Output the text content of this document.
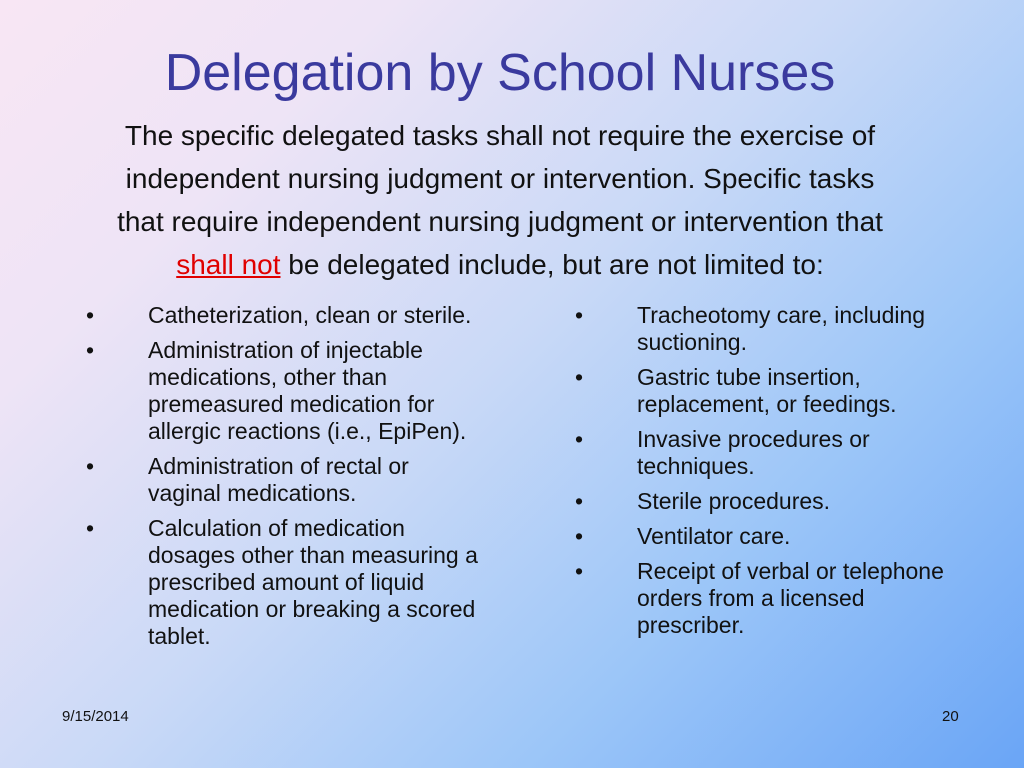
Delegation by School Nurses
The specific delegated tasks shall not require the exercise of
independent nursing judgment or intervention. Specific tasks
that require independent nursing judgment or intervention that
shall not be delegated include, but are not limited to:
• Catheterization, clean or sterile.
• Administration of injectable medications, other than premeasured medication for allergic reactions (i.e., EpiPen).
• Administration of rectal or vaginal medications.
• Calculation of medication dosages other than measuring a prescribed amount of liquid medication or breaking a scored tablet.
• Tracheotomy care, including suctioning.
• Gastric tube insertion, replacement, or feedings.
• Invasive procedures or techniques.
• Sterile procedures.
• Ventilator care.
• Receipt of verbal or telephone orders from a licensed prescriber.
9/15/2014	20
